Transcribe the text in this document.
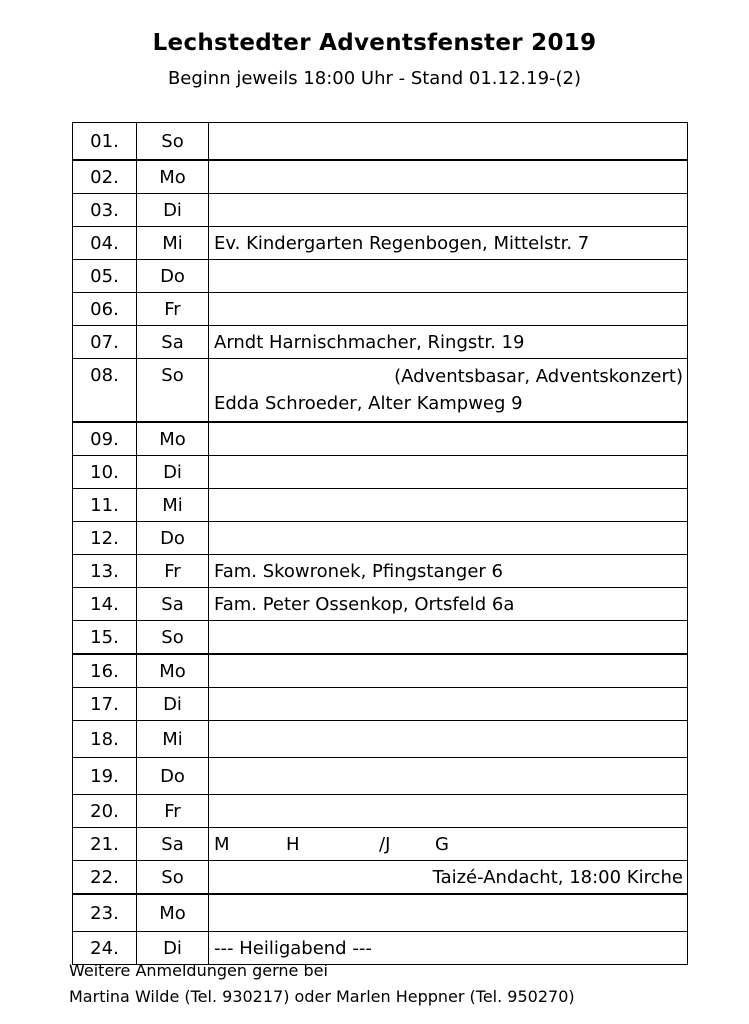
Lechstedter Adventsfenster 2019
Beginn jeweils 18:00 Uhr - Stand 01.12.19-(2)
01.	So	
02.	Mo	
03.	Di	
04.	Mi	Ev. Kindergarten Regenbogen, Mittelstr. 7
05.	Do	
06.	Fr	
07.	Sa	Arndt Harnischmacher, Ringstr. 19
08.	So	(Adventsbasar, Adventskonzert)
Edda Schroeder, Alter Kampweg 9

09.	Mo	
10.	Di	
11.	Mi	
12.	Do	
13.	Fr	Fam. Skowronek, Pfingstanger 6
14.	Sa	Fam. Peter Ossenkop, Ortsfeld 6a
15.	So	
16.	Mo	
17.	Di	
18.	Mi	
19.	Do	
20.	Fr	
21.	Sa	M H /J G
22.	So	Taizé-Andacht, 18:00 Kirche
23.	Mo	
24.	Di	--- Heiligabend ---
Weitere Anmeldungen gerne bei
Martina Wilde (Tel. 930217) oder Marlen Heppner (Tel. 950270)
